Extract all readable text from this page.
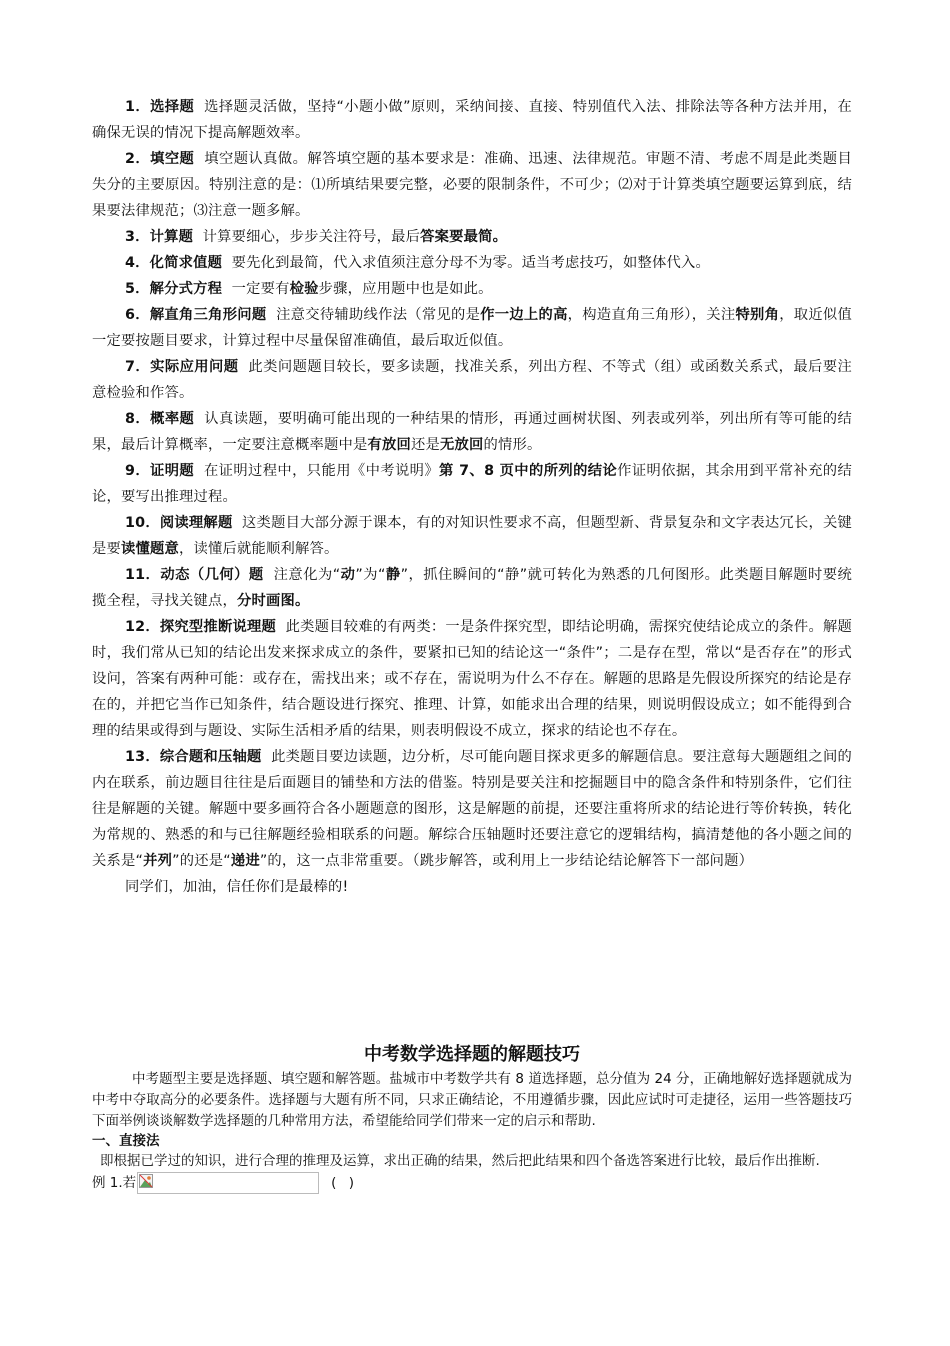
1．选择题  选择题灵活做，坚持“小题小做”原则，采纳间接、直接、特别值代入法、排除法等各种方法并用，在确保无误的情况下提高解题效率。

2．填空题  填空题认真做。解答填空题的基本要求是：准确、迅速、法律规范。审题不清、考虑不周是此类题目失分的主要原因。特别注意的是：⑴所填结果要完整，必要的限制条件，不可少；⑵对于计算类填空题要运算到底，结果要法律规范；⑶注意一题多解。

3．计算题  计算要细心，步步关注符号，最后答案要最简。

4．化简求值题  要先化到最简，代入求值须注意分母不为零。适当考虑技巧，如整体代入。

5．解分式方程  一定要有检验步骤，应用题中也是如此。

6．解直角三角形问题  注意交待辅助线作法（常见的是作一边上的高，构造直角三角形），关注特别角，取近似值一定要按题目要求，计算过程中尽量保留准确值，最后取近似值。

7．实际应用问题  此类问题题目较长，要多读题，找准关系，列出方程、不等式（组）或函数关系式，最后要注意检验和作答。

8．概率题  认真读题，要明确可能出现的一种结果的情形，再通过画树状图、列表或列举，列出所有等可能的结果，最后计算概率，一定要注意概率题中是有放回还是无放回的情形。

9．证明题  在证明过程中，只能用《中考说明》第 7、8 页中的所列的结论作证明依据，其余用到平常补充的结论，要写出推理过程。

10．阅读理解题  这类题目大部分源于课本，有的对知识性要求不高，但题型新、背景复杂和文字表达冗长，关键是要读懂题意，读懂后就能顺利解答。

11．动态（几何）题  注意化为“动”为“静”，抓住瞬间的“静”就可转化为熟悉的几何图形。此类题目解题时要统揽全程，寻找关键点，分时画图。

12．探究型推断说理题  此类题目较难的有两类：一是条件探究型，即结论明确，需探究使结论成立的条件。解题时，我们常从已知的结论出发来探求成立的条件，要紧扣已知的结论这一“条件”；二是存在型，常以“是否存在”的形式设问，答案有两种可能：或存在，需找出来；或不存在，需说明为什么不存在。解题的思路是先假设所探究的结论是存在的，并把它当作已知条件，结合题设进行探究、推理、计算，如能求出合理的结果，则说明假设成立；如不能得到合理的结果或得到与题设、实际生活相矛盾的结果，则表明假设不成立，探求的结论也不存在。

13．综合题和压轴题  此类题目要边读题，边分析，尽可能向题目探求更多的解题信息。要注意每大题题组之间的内在联系，前边题目往往是后面题目的铺垫和方法的借鉴。特别是要关注和挖掘题目中的隐含条件和特别条件，它们往往是解题的关键。解题中要多画符合各小题题意的图形，这是解题的前提，还要注重将所求的结论进行等价转换，转化为常规的、熟悉的和与已往解题经验相联系的问题。解综合压轴题时还要注意它的逻辑结构，搞清楚他的各小题之间的关系是“并列”的还是“递进”的，这一点非常重要。（跳步解答，或利用上一步结论结论解答下一部问题）

同学们，加油，信任你们是最棒的!

中考数学选择题的解题技巧

中考题型主要是选择题、填空题和解答题。盐城市中考数学共有 8 道选择题，总分值为 24 分，正确地解好选择题就成为中考中夺取高分的必要条件。选择题与大题有所不同，只求正确结论，不用遵循步骤，因此应试时可走捷径，运用一些答题技巧下面举例谈谈解数学选择题的几种常用方法，希望能给同学们带来一定的启示和帮助.

一、直接法

即根据已学过的知识，进行合理的推理及运算，求出正确的结果，然后把此结果和四个备选答案进行比较，最后作出推断.

例 1.若	( )
